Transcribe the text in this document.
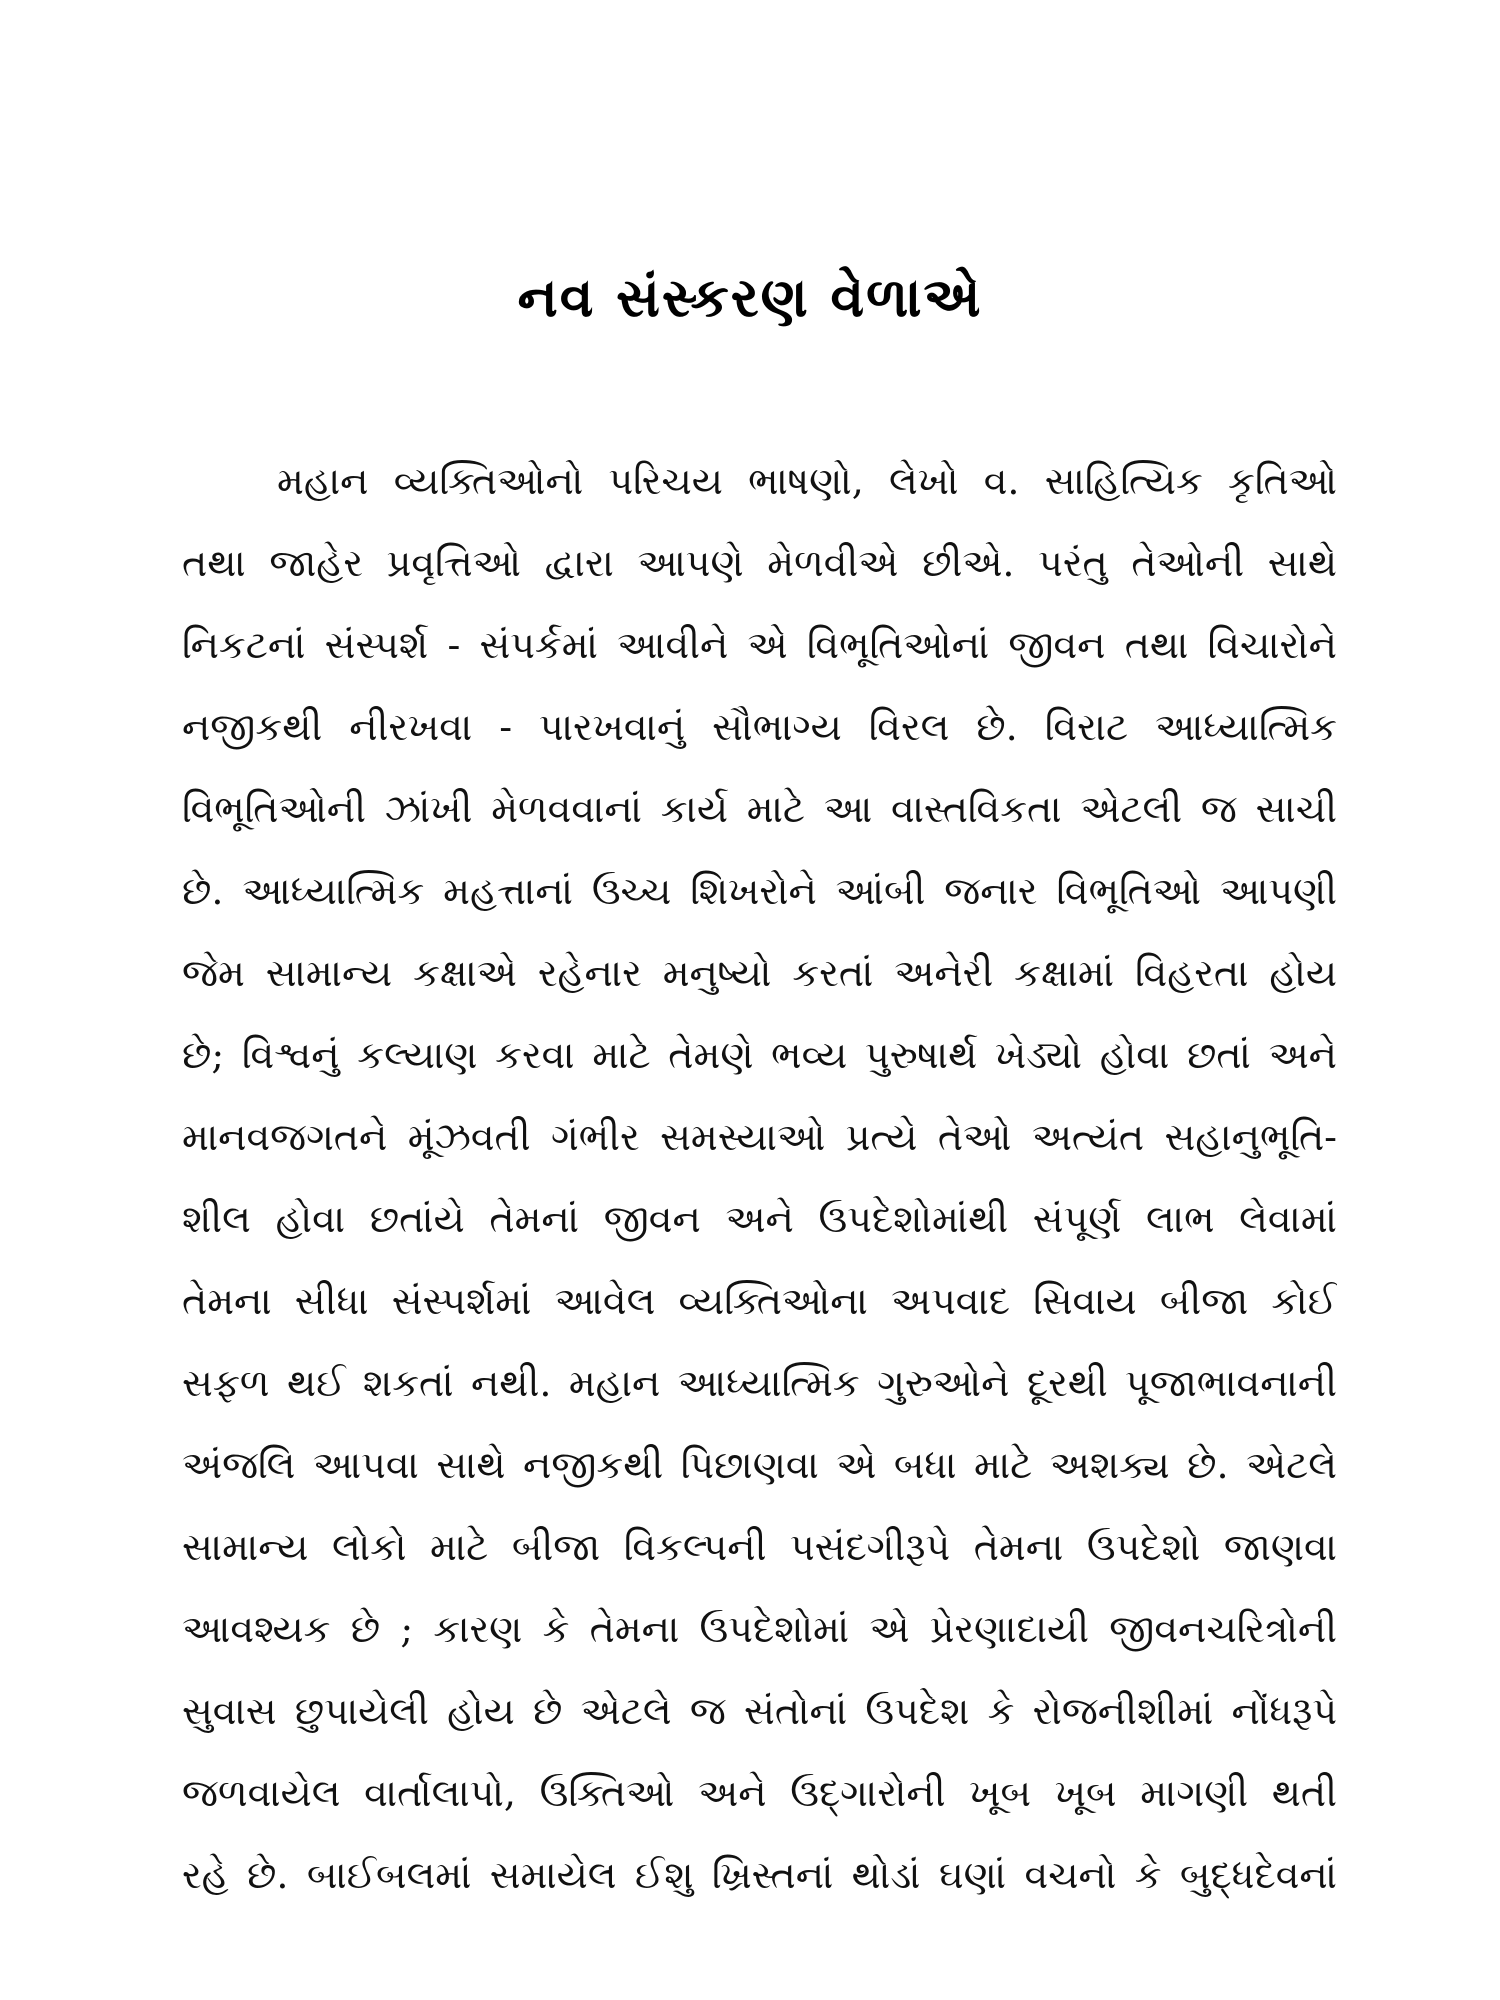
નવ સંસ્કરણ વેળાએ
મહાન વ્યક્તિઓનો પરિચય ભાષણો, લેખો વ. સાહિત્યિક કૃતિઓ
તથા જાહેર પ્રવૃત્તિઓ દ્વારા આપણે મેળવીએ છીએ. પરંતુ તેઓની સાથે
નિકટનાં સંસ્પર્શ - સંપર્કમાં આવીને એ વિભૂતિઓનાં જીવન તથા વિચારોને
નજીકથી નીરખવા - પારખવાનું સૌભાગ્ય વિરલ છે. વિરાટ આધ્યાત્મિક
વિભૂતિઓની ઝાંખી મેળવવાનાં કાર્ય માટે આ વાસ્તવિકતા એટલી જ સાચી
છે. આધ્યાત્મિક મહત્તાનાં ઉચ્ચ શિખરોને આંબી જનાર વિભૂતિઓ આપણી
જેમ સામાન્ય કક્ષાએ રહેનાર મનુષ્યો કરતાં અનેરી કક્ષામાં વિહરતા હોય
છે; વિશ્વનું કલ્યાણ કરવા માટે તેમણે ભવ્ય પુરુષાર્થ ખેડ્યો હોવા છતાં અને
માનવજગતને મૂંઝવતી ગંભીર સમસ્યાઓ પ્રત્યે તેઓ અત્યંત સહાનુભૂતિ-
શીલ હોવા છતાંયે તેમનાં જીવન અને ઉપદેશોમાંથી સંપૂર્ણ લાભ લેવામાં
તેમના સીધા સંસ્પર્શમાં આવેલ વ્યક્તિઓના અપવાદ સિવાય બીજા કોઈ
સફળ થઈ શકતાં નથી. મહાન આધ્યાત્મિક ગુરુઓને દૂરથી પૂજાભાવનાની
અંજલિ આપવા સાથે નજીકથી પિછાણવા એ બધા માટે અશક્ય છે. એટલે
સામાન્ય લોકો માટે બીજા વિકલ્પની પસંદગીરૂપે તેમના ઉપદેશો જાણવા
આવશ્યક છે ; કારણ કે તેમના ઉપદેશોમાં એ પ્રેરણાદાયી જીવનચરિત્રોની
સુવાસ છુપાયેલી હોય છે એટલે જ સંતોનાં ઉપદેશ કે રોજનીશીમાં નોંધરૂપે
જળવાયેલ વાર્તાલાપો, ઉક્તિઓ અને ઉદ્‌ગારોની ખૂબ ખૂબ માગણી થતી
રહે છે. બાઈબલમાં સમાયેલ ઈશુ ખ્રિસ્તનાં થોડાં ઘણાં વચનો કે બુદ્ધદેવનાં
